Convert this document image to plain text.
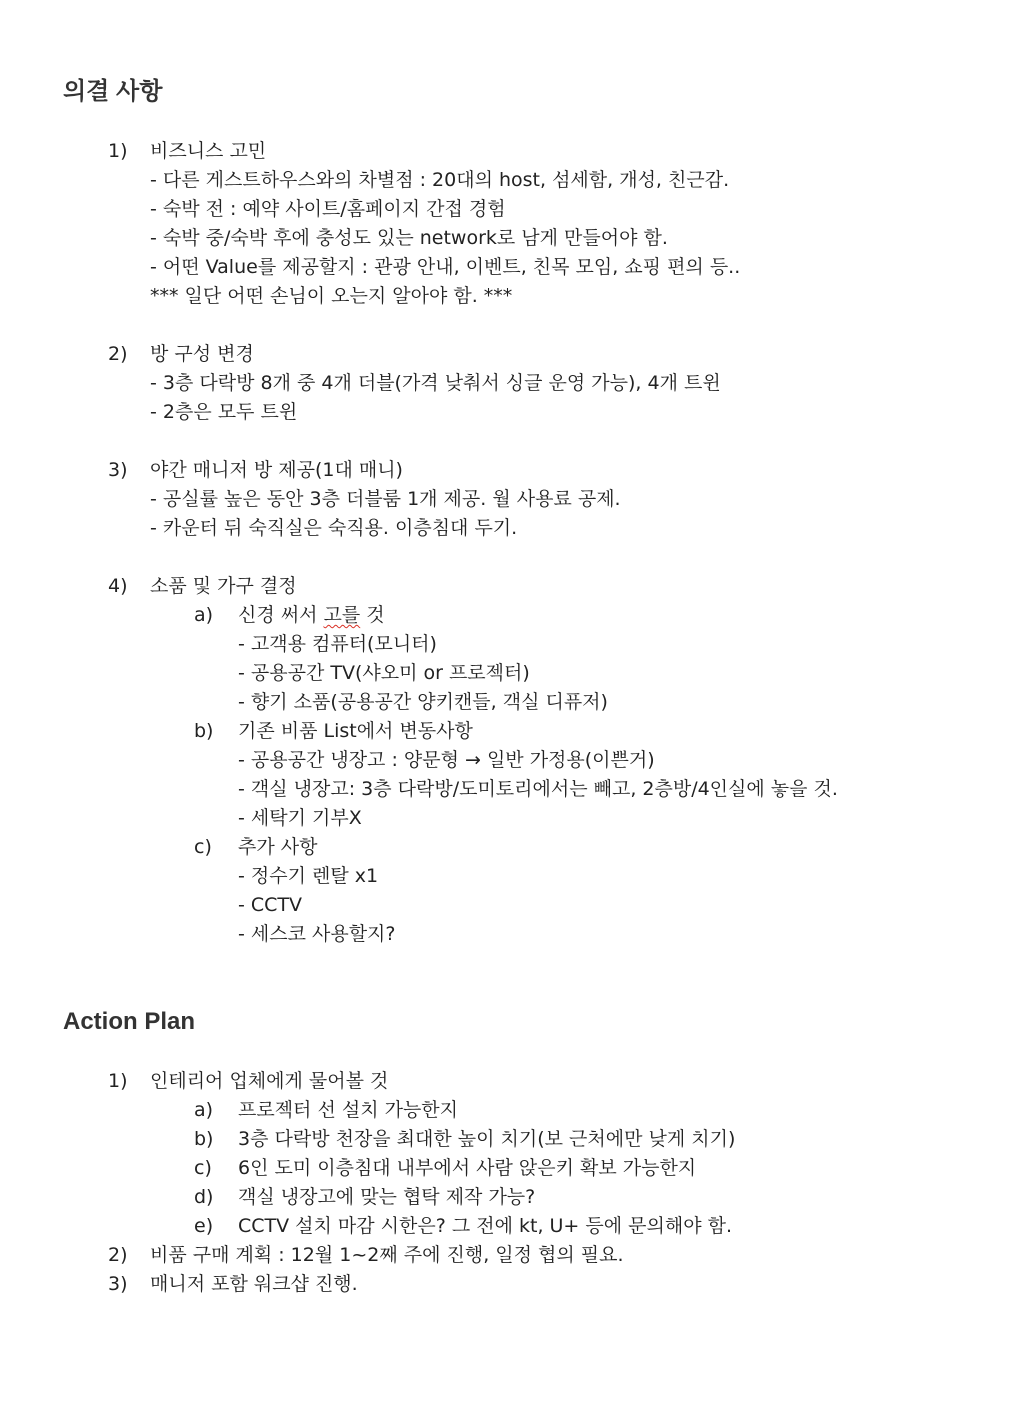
의결 사항
1) 비즈니스 고민
- 다른 게스트하우스와의 차별점 : 20대의 host, 섬세함, 개성, 친근감.
- 숙박 전 : 예약 사이트/홈페이지 간접 경험
- 숙박 중/숙박 후에 충성도 있는 network로 남게 만들어야 함.
- 어떤 Value를 제공할지 : 관광 안내, 이벤트, 친목 모임, 쇼핑 편의 등..
*** 일단 어떤 손님이 오는지 알아야 함. ***
2) 방 구성 변경
- 3층 다락방 8개 중 4개 더블(가격 낮춰서 싱글 운영 가능), 4개 트윈
- 2층은 모두 트윈
3) 야간 매니저 방 제공(1대 매니)
- 공실률 높은 동안 3층 더블룸 1개 제공. 월 사용료 공제.
- 카운터 뒤 숙직실은 숙직용. 이층침대 두기.
4) 소품 및 가구 결정
a) 신경 써서 고를 것
- 고객용 컴퓨터(모니터)
- 공용공간 TV(샤오미 or 프로젝터)
- 향기 소품(공용공간 양키캔들, 객실 디퓨저)
b) 기존 비품 List에서 변동사항
- 공용공간 냉장고 : 양문형 → 일반 가정용(이쁜거)
- 객실 냉장고: 3층 다락방/도미토리에서는 빼고, 2층방/4인실에 놓을 것.
- 세탁기 기부X
c) 추가 사항
- 정수기 렌탈 x1
- CCTV
- 세스코 사용할지?
Action Plan
1) 인테리어 업체에게 물어볼 것
a) 프로젝터 선 설치 가능한지
b) 3층 다락방 천장을 최대한 높이 치기(보 근처에만 낮게 치기)
c) 6인 도미 이층침대 내부에서 사람 앉은키 확보 가능한지
d) 객실 냉장고에 맞는 협탁 제작 가능?
e) CCTV 설치 마감 시한은? 그 전에 kt, U+ 등에 문의해야 함.
2) 비품 구매 계획 : 12월 1~2째 주에 진행, 일정 협의 필요.
3) 매니저 포함 워크샵 진행.
